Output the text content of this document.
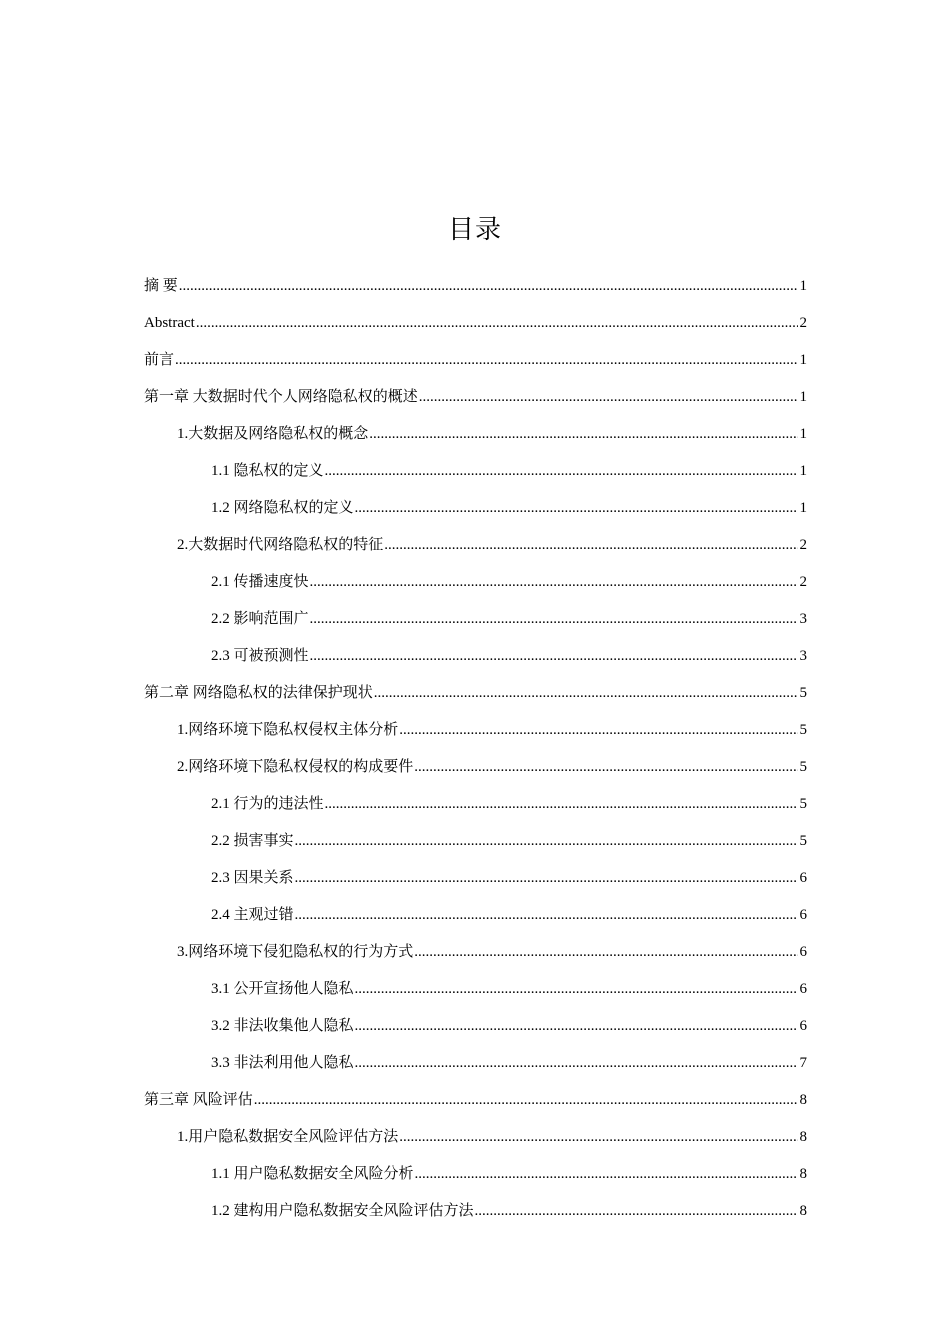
目录
摘 要 .....	1
Abstract .....	2
前言 .....	1
第一章 大数据时代个人网络隐私权的概述 .....	1
1.大数据及网络隐私权的概念 .....	1
1.1 隐私权的定义 .....	1
1.2 网络隐私权的定义 .....	1
2.大数据时代网络隐私权的特征 .....	2
2.1 传播速度快 .....	2
2.2 影响范围广 .....	3
2.3 可被预测性 .....	3
第二章 网络隐私权的法律保护现状 .....	5
1.网络环境下隐私权侵权主体分析 .....	5
2.网络环境下隐私权侵权的构成要件 .....	5
2.1 行为的违法性 .....	5
2.2 损害事实 .....	5
2.3 因果关系 .....	6
2.4 主观过错 .....	6
3.网络环境下侵犯隐私权的行为方式 .....	6
3.1 公开宣扬他人隐私 .....	6
3.2 非法收集他人隐私 .....	6
3.3 非法利用他人隐私 .....	7
第三章 风险评估 .....	8
1.用户隐私数据安全风险评估方法 .....	8
1.1 用户隐私数据安全风险分析 .....	8
1.2 建构用户隐私数据安全风险评估方法 .....	8
